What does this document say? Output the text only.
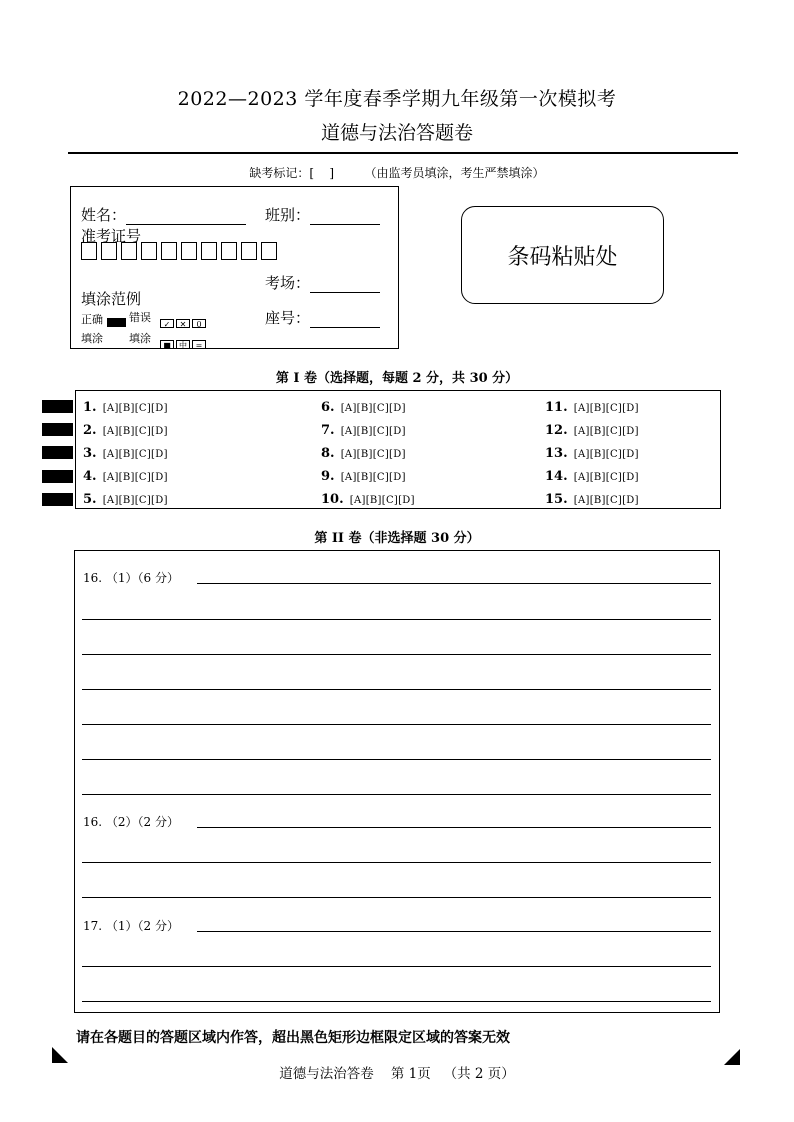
2022—2023 学年度春季学期九年级第一次模拟考
道德与法治答题卷
缺考标记：[    ]        （由监考员填涂，考生严禁填涂）
姓名：	班别：
准考证号
考场：
填涂范例
座号：
正确
填涂
错误
填涂
✓ ✕ 0
■ 中 =
条码粘贴处
第 I 卷（选择题，每题 2 分，共 30 分）
1. [A][B][C][D]	6. [A][B][C][D]	11. [A][B][C][D]
2. [A][B][C][D]	7. [A][B][C][D]	12. [A][B][C][D]
3. [A][B][C][D]	8. [A][B][C][D]	13. [A][B][C][D]
4. [A][B][C][D]	9. [A][B][C][D]	14. [A][B][C][D]
5. [A][B][C][D]	10. [A][B][C][D]	15. [A][B][C][D]
第 II 卷（非选择题 30 分）
16. （1）（6 分）
16. （2）（2 分）
17. （1）（2 分）
请在各题目的答题区域内作答，超出黑色矩形边框限定区域的答案无效
道德与法治答卷    第 1页   （共 2 页）
